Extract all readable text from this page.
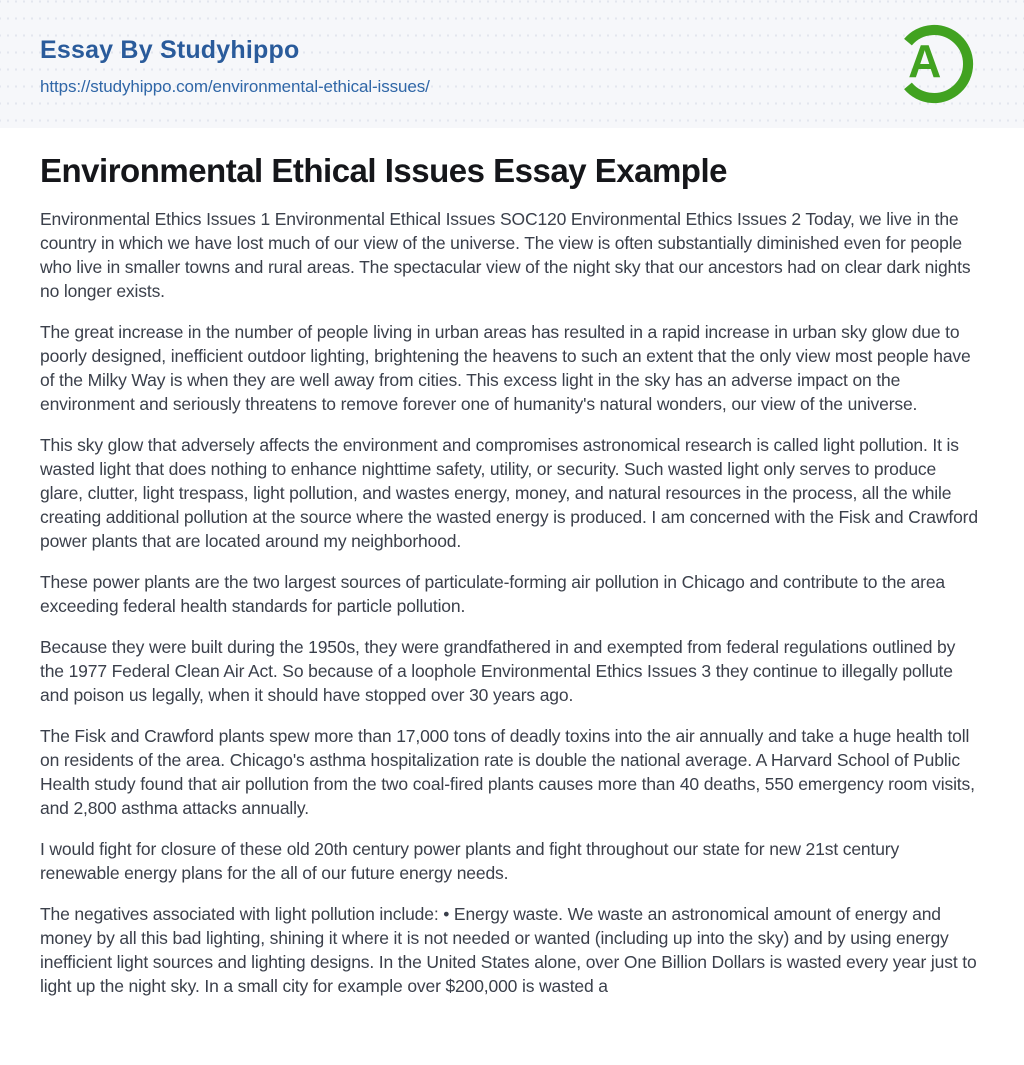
Essay By Studyhippo
https://studyhippo.com/environmental-ethical-issues/	A
Environmental Ethical Issues Essay Example

Environmental Ethics Issues 1 Environmental Ethical Issues SOC120 Environmental Ethics Issues 2 Today, we live in the country in which we have lost much of our view of the universe. The view is often substantially diminished even for people who live in smaller towns and rural areas. The spectacular view of the night sky that our ancestors had on clear dark nights no longer exists.

The great increase in the number of people living in urban areas has resulted in a rapid increase in urban sky glow due to poorly designed, inefficient outdoor lighting, brightening the heavens to such an extent that the only view most people have of the Milky Way is when they are well away from cities. This excess light in the sky has an adverse impact on the environment and seriously threatens to remove forever one of humanity's natural wonders, our view of the universe.

This sky glow that adversely affects the environment and compromises astronomical research is called light pollution. It is wasted light that does nothing to enhance nighttime safety, utility, or security. Such wasted light only serves to produce glare, clutter, light trespass, light pollution, and wastes energy, money, and natural resources in the process, all the while creating additional pollution at the source where the wasted energy is produced. I am concerned with the Fisk and Crawford power plants that are located around my neighborhood.

These power plants are the two largest sources of particulate-forming air pollution in Chicago and contribute to the area exceeding federal health standards for particle pollution.

Because they were built during the 1950s, they were grandfathered in and exempted from federal regulations outlined by the 1977 Federal Clean Air Act. So because of a loophole Environmental Ethics Issues 3 they continue to illegally pollute and poison us legally, when it should have stopped over 30 years ago.

The Fisk and Crawford plants spew more than 17,000 tons of deadly toxins into the air annually and take a huge health toll on residents of the area. Chicago's asthma hospitalization rate is double the national average. A Harvard School of Public Health study found that air pollution from the two coal-fired plants causes more than 40 deaths, 550 emergency room visits, and 2,800 asthma attacks annually.

I would fight for closure of these old 20th century power plants and fight throughout our state for new 21st century renewable energy plans for the all of our future energy needs.

The negatives associated with light pollution include: • Energy waste. We waste an astronomical amount of energy and money by all this bad lighting, shining it where it is not needed or wanted (including up into the sky) and by using energy inefficient light sources and lighting designs. In the United States alone, over One Billion Dollars is wasted every year just to light up the night sky. In a small city for example over $200,000 is wasted a
